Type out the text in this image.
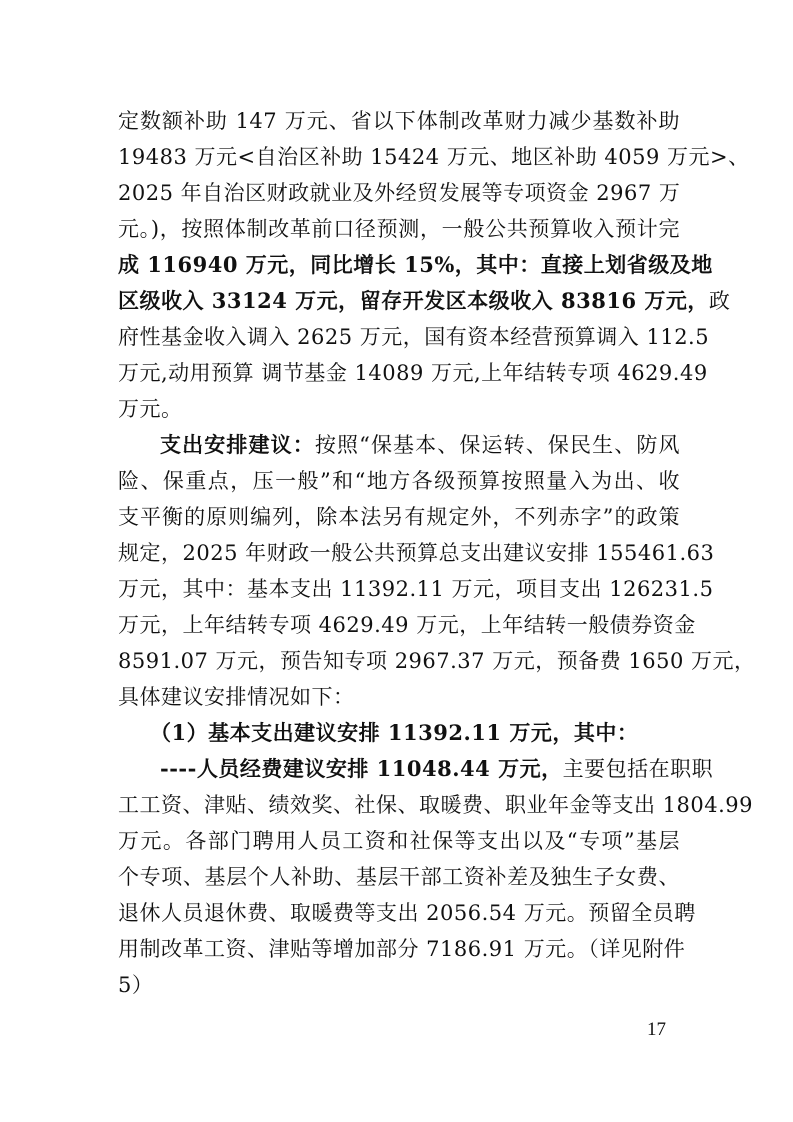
定数额补助 147 万元、省以下体制改革财力减少基数补助
19483 万元<自治区补助 15424 万元、地区补助 4059 万元>、
2025 年自治区财政就业及外经贸发展等专项资金 2967 万
元。)，按照体制改革前口径预测，一般公共预算收入预计完
成 116940 万元，同比增长 15%，其中：直接上划省级及地
区级收入 33124 万元，留存开发区本级收入 83816 万元，政
府性基金收入调入 2625 万元，国有资本经营预算调入 112.5
万元,动用预算 调节基金 14089 万元,上年结转专项 4629.49
万元。
支出安排建议：按照“保基本、保运转、保民生、防风
险、保重点，压一般”和“地方各级预算按照量入为出、收
支平衡的原则编列，除本法另有规定外，不列赤字”的政策
规定，2025 年财政一般公共预算总支出建议安排 155461.63
万元，其中：基本支出 11392.11 万元，项目支出 126231.5
万元，上年结转专项 4629.49 万元，上年结转一般债券资金
8591.07 万元，预告知专项 2967.37 万元，预备费 1650 万元，
具体建议安排情况如下：
（1）基本支出建议安排 11392.11 万元，其中：
----人员经费建议安排 11048.44 万元，主要包括在职职
工工资、津贴、绩效奖、社保、取暖费、职业年金等支出 1804.99
万元。各部门聘用人员工资和社保等支出以及“专项”基层
个专项、基层个人补助、基层干部工资补差及独生子女费、
退休人员退休费、取暖费等支出 2056.54 万元。预留全员聘
用制改革工资、津贴等增加部分 7186.91 万元。（详见附件
5）
17
